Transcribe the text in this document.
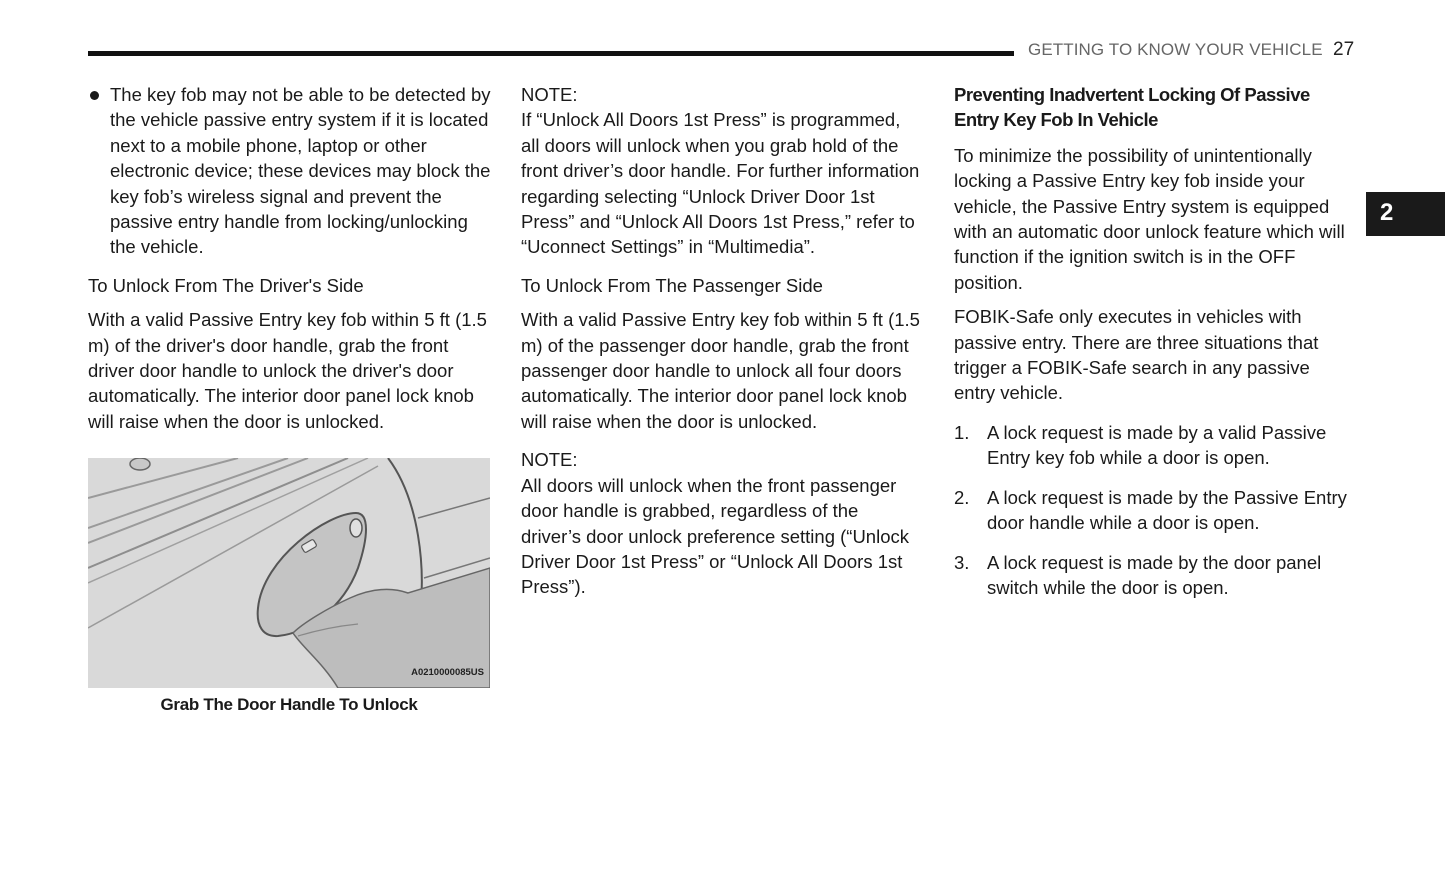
GETTING TO KNOW YOUR VEHICLE 27
2

The key fob may not be able to be detected by the vehicle passive entry system if it is located next to a mobile phone, laptop or other electronic device; these devices may block the key fob’s wireless signal and prevent the passive entry handle from locking/unlocking the vehicle.

To Unlock From The Driver's Side

With a valid Passive Entry key fob within 5 ft (1.5 m) of the driver's door handle, grab the front driver door handle to unlock the driver's door automatically. The interior door panel lock knob will raise when the door is unlocked.

A0210000085US
Grab The Door Handle To Unlock

NOTE:

If “Unlock All Doors 1st Press” is programmed, all doors will unlock when you grab hold of the front driver’s door handle. For further information regarding selecting “Unlock Driver Door 1st Press” and “Unlock All Doors 1st Press,” refer to “Uconnect Settings” in “Multimedia”.

To Unlock From The Passenger Side

With a valid Passive Entry key fob within 5 ft (1.5 m) of the passenger door handle, grab the front passenger door handle to unlock all four doors automatically. The interior door panel lock knob will raise when the door is unlocked.

NOTE:

All doors will unlock when the front passenger door handle is grabbed, regardless of the driver’s door unlock preference setting (“Unlock Driver Door 1st Press” or “Unlock All Doors 1st Press”).

Preventing Inadvertent Locking Of Passive Entry Key Fob In Vehicle

To minimize the possibility of unintentionally locking a Passive Entry key fob inside your vehicle, the Passive Entry system is equipped with an automatic door unlock feature which will function if the ignition switch is in the OFF position.

FOBIK-Safe only executes in vehicles with passive entry. There are three situations that trigger a FOBIK-Safe search in any passive entry vehicle.

1. A lock request is made by a valid Passive Entry key fob while a door is open.
2. A lock request is made by the Passive Entry door handle while a door is open.
3. A lock request is made by the door panel switch while the door is open.
